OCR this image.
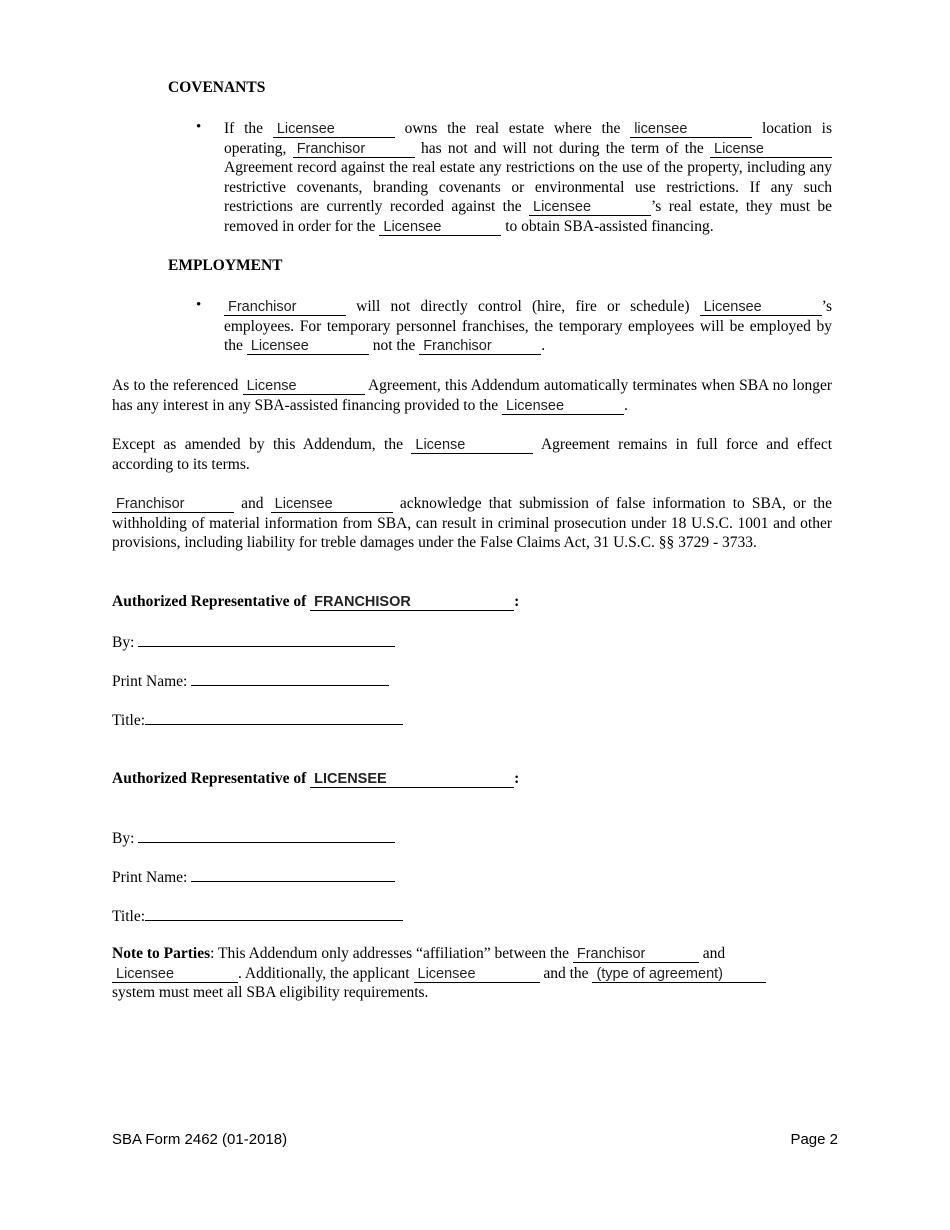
COVENANTS
• If the Licensee	owns the real estate where the licensee	location is operating, Franchisor	has not and will not during the term of the License Agreement record against the real estate any restrictions on the use of the property, including any restrictive covenants, branding covenants or environmental use restrictions. If any such restrictions are currently recorded against the Licensee	’s real estate, they must be removed in order for the Licensee	to obtain SBA-assisted financing.
EMPLOYMENT
• Franchisor	will not directly control (hire, fire or schedule) Licensee	’s employees. For temporary personnel franchises, the temporary employees will be employed by the Licensee	not the Franchisor	.
As to the referenced License	Agreement, this Addendum automatically terminates when SBA no longer has any interest in any SBA-assisted financing provided to the Licensee	.
Except as amended by this Addendum, the License	Agreement remains in full force and effect according to its terms.
Franchisor	and Licensee	acknowledge that submission of false information to SBA, or the withholding of material information from SBA, can result in criminal prosecution under 18 U.S.C. 1001 and other provisions, including liability for treble damages under the False Claims Act, 31 U.S.C. §§ 3729 - 3733.
Authorized Representative of FRANCHISOR	:
By:
Print Name:
Title:
Authorized Representative of LICENSEE	:
By:
Print Name:
Title:
Note to Parties: This Addendum only addresses “affiliation” between the Franchisor	and Licensee	. Additionally, the applicant Licensee	and the (type of agreement) system must meet all SBA eligibility requirements.
SBA Form 2462 (01-2018)	Page 2
